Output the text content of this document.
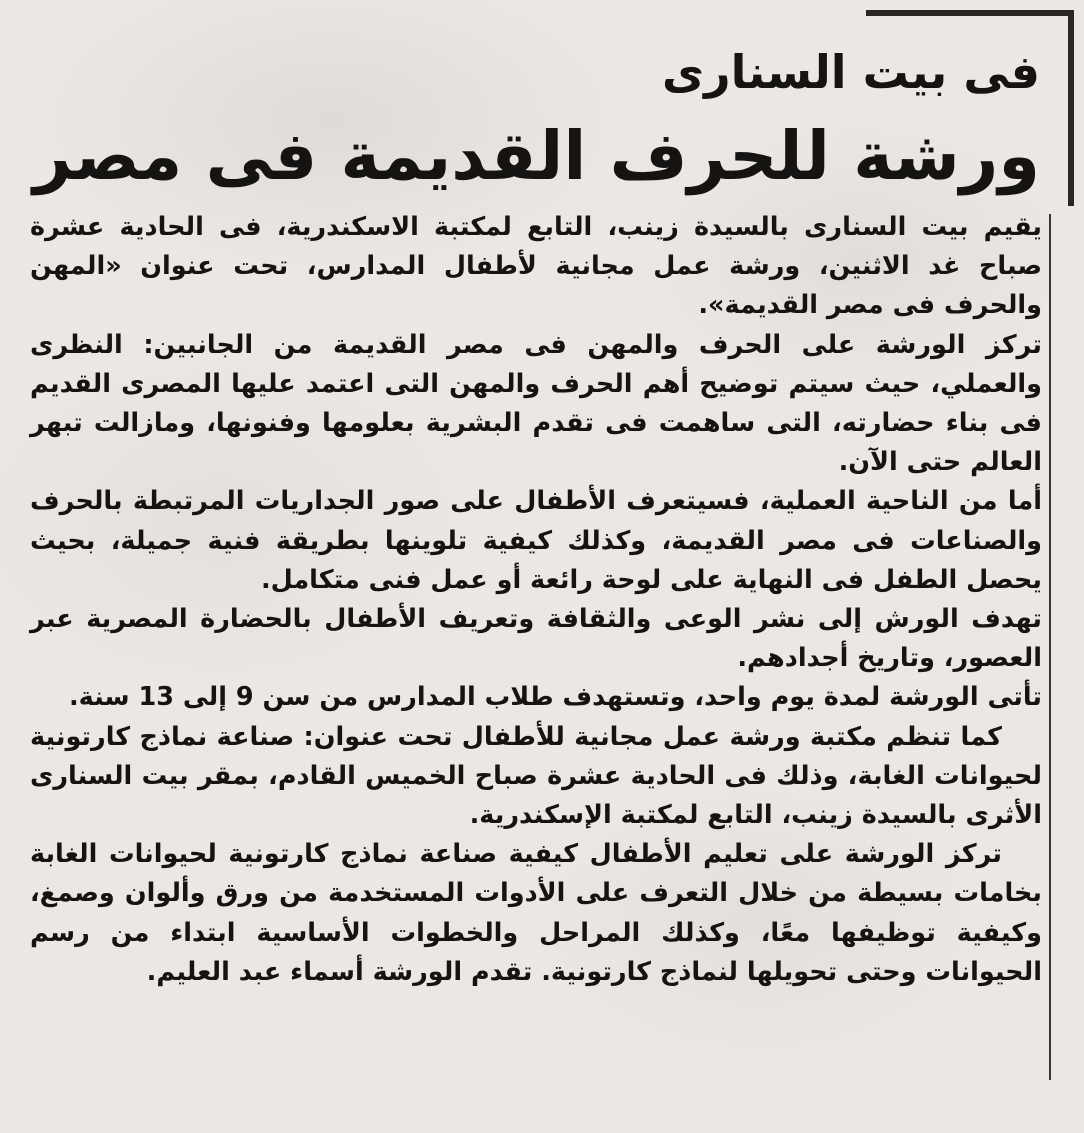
فى بيت السنارى
ورشة للحرف القديمة فى مصر

يقيم بيت السنارى بالسيدة زينب، التابع لمكتبة الاسكندرية، فى الحادية عشرة صباح غد الاثنين، ورشة عمل مجانية لأطفال المدارس، تحت عنوان «المهن والحرف فى مصر القديمة».

تركز الورشة على الحرف والمهن فى مصر القديمة من الجانبين: النظرى والعملي، حيث سيتم توضيح أهم الحرف والمهن التى اعتمد عليها المصرى القديم فى بناء حضارته، التى ساهمت فى تقدم البشرية بعلومها وفنونها، ومازالت تبهر العالم حتى الآن.

أما من الناحية العملية، فسيتعرف الأطفال على صور الجداريات المرتبطة بالحرف والصناعات فى مصر القديمة، وكذلك كيفية تلوينها بطريقة فنية جميلة، بحيث يحصل الطفل فى النهاية على لوحة رائعة أو عمل فنى متكامل.

تهدف الورش إلى نشر الوعى والثقافة وتعريف الأطفال بالحضارة المصرية عبر العصور، وتاريخ أجدادهم.

تأتى الورشة لمدة يوم واحد، وتستهدف طلاب المدارس من سن 9 إلى 13 سنة.

كما تنظم مكتبة ورشة عمل مجانية للأطفال تحت عنوان: صناعة نماذج كارتونية لحيوانات الغابة، وذلك فى الحادية عشرة صباح الخميس القادم، بمقر بيت السنارى الأثرى بالسيدة زينب، التابع لمكتبة الإسكندرية.

تركز الورشة على تعليم الأطفال كيفية صناعة نماذج كارتونية لحيوانات الغابة بخامات بسيطة من خلال التعرف على الأدوات المستخدمة من ورق وألوان وصمغ، وكيفية توظيفها معًا، وكذلك المراحل والخطوات الأساسية ابتداء من رسم الحيوانات وحتى تحويلها لنماذج كارتونية. تقدم الورشة أسماء عبد العليم.
